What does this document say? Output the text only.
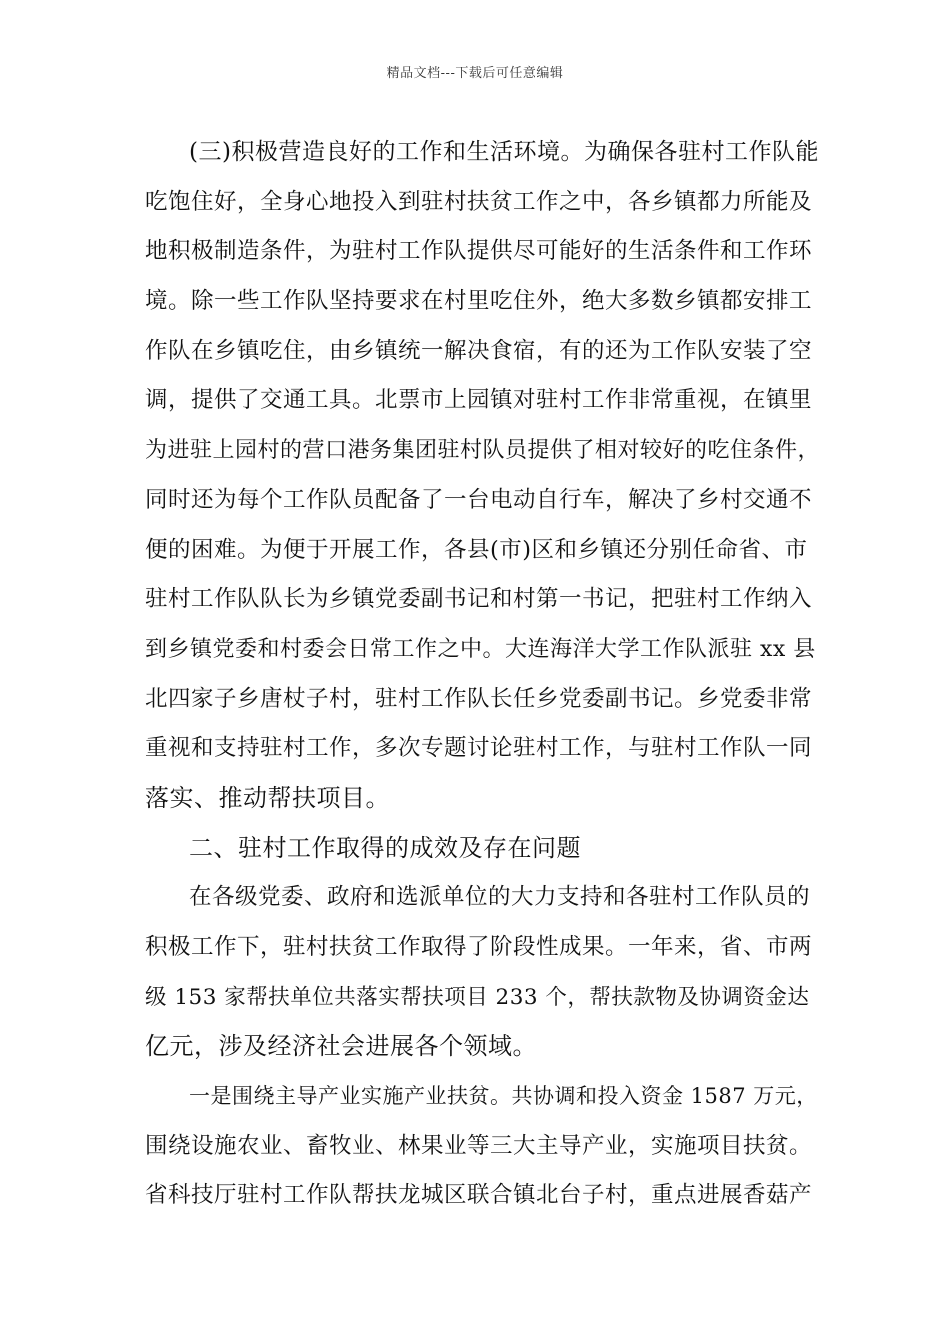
精品文档---下载后可任意编辑
(三)积极营造良好的工作和生活环境。为确保各驻村工作队能
吃饱住好，全身心地投入到驻村扶贫工作之中，各乡镇都力所能及
地积极制造条件，为驻村工作队提供尽可能好的生活条件和工作环
境。除一些工作队坚持要求在村里吃住外，绝大多数乡镇都安排工
作队在乡镇吃住，由乡镇统一解决食宿，有的还为工作队安装了空
调，提供了交通工具。北票市上园镇对驻村工作非常重视，在镇里
为进驻上园村的营口港务集团驻村队员提供了相对较好的吃住条件，
同时还为每个工作队员配备了一台电动自行车，解决了乡村交通不
便的困难。为便于开展工作，各县(市)区和乡镇还分别任命省、市
驻村工作队队长为乡镇党委副书记和村第一书记，把驻村工作纳入
到乡镇党委和村委会日常工作之中。大连海洋大学工作队派驻 xx 县
北四家子乡唐杖子村，驻村工作队长任乡党委副书记。乡党委非常
重视和支持驻村工作，多次专题讨论驻村工作，与驻村工作队一同
落实、推动帮扶项目。
二、驻村工作取得的成效及存在问题
在各级党委、政府和选派单位的大力支持和各驻村工作队员的
积极工作下，驻村扶贫工作取得了阶段性成果。一年来，省、市两
级 153 家帮扶单位共落实帮扶项目 233 个，帮扶款物及协调资金达
亿元，涉及经济社会进展各个领域。
一是围绕主导产业实施产业扶贫。共协调和投入资金 1587 万元，
围绕设施农业、畜牧业、林果业等三大主导产业，实施项目扶贫。
省科技厅驻村工作队帮扶龙城区联合镇北台子村，重点进展香菇产
